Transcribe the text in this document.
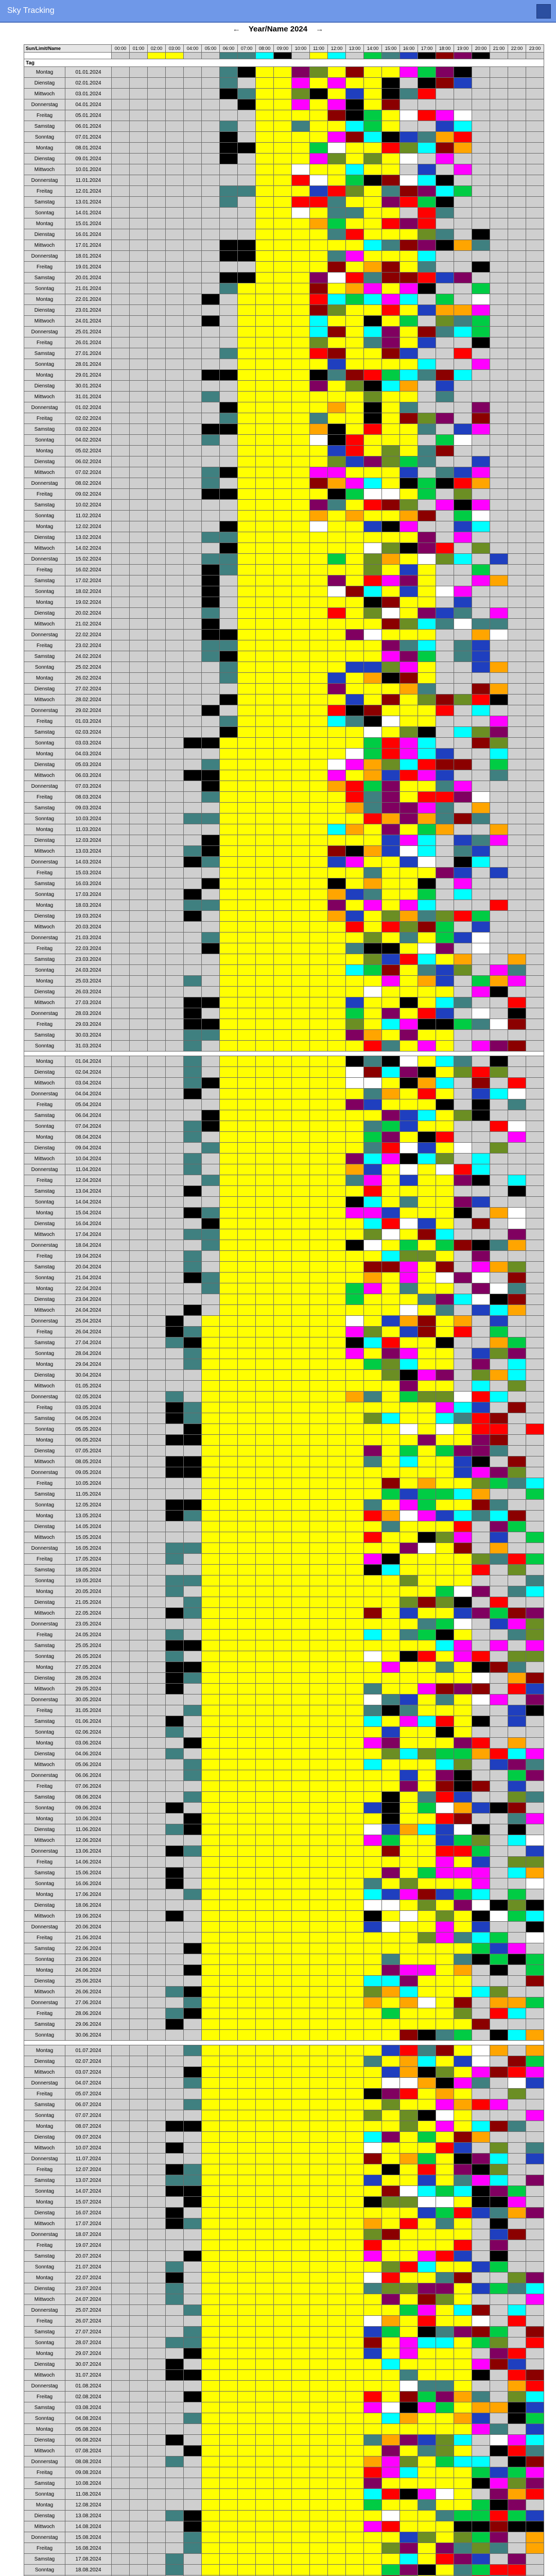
Sky Tracking
← Year/Name 2024 →
Sun/Limit/Name		00:00	01:00	02:00	03:00	04:00	05:00	06:00	07:00	08:00	09:00	10:00	11:00	12:00	13:00	14:00	15:00	16:00	17:00	18:00	19:00	20:00	21:00	22:00	23:00

Tag																									
Montag	01.01.2024																								
Dienstag	02.01.2024																								
Mittwoch	03.01.2024																								
Donnerstag	04.01.2024																								
Freitag	05.01.2024																								
Samstag	06.01.2024																								
Sonntag	07.01.2024																								
Montag	08.01.2024																								
Dienstag	09.01.2024																								
Mittwoch	10.01.2024																								
Donnerstag	11.01.2024																								
Freitag	12.01.2024																								
Samstag	13.01.2024																								
Sonntag	14.01.2024																								
Montag	15.01.2024																								
Dienstag	16.01.2024																								
Mittwoch	17.01.2024																								
Donnerstag	18.01.2024																								
Freitag	19.01.2024																								
Samstag	20.01.2024																								
Sonntag	21.01.2024																								
Montag	22.01.2024																								
Dienstag	23.01.2024																								
Mittwoch	24.01.2024																								
Donnerstag	25.01.2024																								
Freitag	26.01.2024																								
Samstag	27.01.2024																								
Sonntag	28.01.2024																								
Montag	29.01.2024																								
Dienstag	30.01.2024																								
Mittwoch	31.01.2024																								
Donnerstag	01.02.2024																								
Freitag	02.02.2024																								
Samstag	03.02.2024																								
Sonntag	04.02.2024																								
Montag	05.02.2024																								
Dienstag	06.02.2024																								
Mittwoch	07.02.2024																								
Donnerstag	08.02.2024																								
Freitag	09.02.2024																								
Samstag	10.02.2024																								
Sonntag	11.02.2024																								
Montag	12.02.2024																								
Dienstag	13.02.2024																								
Mittwoch	14.02.2024																								
Donnerstag	15.02.2024																								
Freitag	16.02.2024																								
Samstag	17.02.2024																								
Sonntag	18.02.2024																								
Montag	19.02.2024																								
Dienstag	20.02.2024																								
Mittwoch	21.02.2024																								
Donnerstag	22.02.2024																								
Freitag	23.02.2024																								
Samstag	24.02.2024																								
Sonntag	25.02.2024																								
Montag	26.02.2024																								
Dienstag	27.02.2024																								
Mittwoch	28.02.2024																								
Donnerstag	29.02.2024																								
Freitag	01.03.2024																								
Samstag	02.03.2024																								
Sonntag	03.03.2024																								
Montag	04.03.2024																								
Dienstag	05.03.2024																								
Mittwoch	06.03.2024																								
Donnerstag	07.03.2024																								
Freitag	08.03.2024																								
Samstag	09.03.2024																								
Sonntag	10.03.2024																								
Montag	11.03.2024																								
Dienstag	12.03.2024																								
Mittwoch	13.03.2024																								
Donnerstag	14.03.2024																								
Freitag	15.03.2024																								
Samstag	16.03.2024																								
Sonntag	17.03.2024																								
Montag	18.03.2024																								
Dienstag	19.03.2024																								
Mittwoch	20.03.2024																								
Donnerstag	21.03.2024																								
Freitag	22.03.2024																								
Samstag	23.03.2024																								
Sonntag	24.03.2024																								
Montag	25.03.2024																								
Dienstag	26.03.2024																								
Mittwoch	27.03.2024																								
Donnerstag	28.03.2024																								
Freitag	29.03.2024																								
Samstag	30.03.2024																								
Sonntag	31.03.2024																								

Montag	01.04.2024																								
Dienstag	02.04.2024																								
Mittwoch	03.04.2024																								
Donnerstag	04.04.2024																								
Freitag	05.04.2024																								
Samstag	06.04.2024																								
Sonntag	07.04.2024																								
Montag	08.04.2024																								
Dienstag	09.04.2024																								
Mittwoch	10.04.2024																								
Donnerstag	11.04.2024																								
Freitag	12.04.2024																								
Samstag	13.04.2024																								
Sonntag	14.04.2024																								
Montag	15.04.2024																								
Dienstag	16.04.2024																								
Mittwoch	17.04.2024																								
Donnerstag	18.04.2024																								
Freitag	19.04.2024																								
Samstag	20.04.2024																								
Sonntag	21.04.2024																								
Montag	22.04.2024																								
Dienstag	23.04.2024																								
Mittwoch	24.04.2024																								
Donnerstag	25.04.2024																								
Freitag	26.04.2024																								
Samstag	27.04.2024																								
Sonntag	28.04.2024																								
Montag	29.04.2024																								
Dienstag	30.04.2024																								
Mittwoch	01.05.2024																								
Donnerstag	02.05.2024																								
Freitag	03.05.2024																								
Samstag	04.05.2024																								
Sonntag	05.05.2024																								
Montag	06.05.2024																								
Dienstag	07.05.2024																								
Mittwoch	08.05.2024																								
Donnerstag	09.05.2024																								
Freitag	10.05.2024																								
Samstag	11.05.2024																								
Sonntag	12.05.2024																								
Montag	13.05.2024																								
Dienstag	14.05.2024																								
Mittwoch	15.05.2024																								
Donnerstag	16.05.2024																								
Freitag	17.05.2024																								
Samstag	18.05.2024																								
Sonntag	19.05.2024																								
Montag	20.05.2024																								
Dienstag	21.05.2024																								
Mittwoch	22.05.2024																								
Donnerstag	23.05.2024																								
Freitag	24.05.2024																								
Samstag	25.05.2024																								
Sonntag	26.05.2024																								
Montag	27.05.2024																								
Dienstag	28.05.2024																								
Mittwoch	29.05.2024																								
Donnerstag	30.05.2024																								
Freitag	31.05.2024																								
Samstag	01.06.2024																								
Sonntag	02.06.2024																								
Montag	03.06.2024																								
Dienstag	04.06.2024																								
Mittwoch	05.06.2024																								
Donnerstag	06.06.2024																								
Freitag	07.06.2024																								
Samstag	08.06.2024																								
Sonntag	09.06.2024																								
Montag	10.06.2024																								
Dienstag	11.06.2024																								
Mittwoch	12.06.2024																								
Donnerstag	13.06.2024																								
Freitag	14.06.2024																								
Samstag	15.06.2024																								
Sonntag	16.06.2024																								
Montag	17.06.2024																								
Dienstag	18.06.2024																								
Mittwoch	19.06.2024																								
Donnerstag	20.06.2024																								
Freitag	21.06.2024																								
Samstag	22.06.2024																								
Sonntag	23.06.2024																								
Montag	24.06.2024																								
Dienstag	25.06.2024																								
Mittwoch	26.06.2024																								
Donnerstag	27.06.2024																								
Freitag	28.06.2024																								
Samstag	29.06.2024																								
Sonntag	30.06.2024																								

Montag	01.07.2024																								
Dienstag	02.07.2024																								
Mittwoch	03.07.2024																								
Donnerstag	04.07.2024																								
Freitag	05.07.2024																								
Samstag	06.07.2024																								
Sonntag	07.07.2024																								
Montag	08.07.2024																								
Dienstag	09.07.2024																								
Mittwoch	10.07.2024																								
Donnerstag	11.07.2024																								
Freitag	12.07.2024																								
Samstag	13.07.2024																								
Sonntag	14.07.2024																								
Montag	15.07.2024																								
Dienstag	16.07.2024																								
Mittwoch	17.07.2024																								
Donnerstag	18.07.2024																								
Freitag	19.07.2024																								
Samstag	20.07.2024																								
Sonntag	21.07.2024																								
Montag	22.07.2024																								
Dienstag	23.07.2024																								
Mittwoch	24.07.2024																								
Donnerstag	25.07.2024																								
Freitag	26.07.2024																								
Samstag	27.07.2024																								
Sonntag	28.07.2024																								
Montag	29.07.2024																								
Dienstag	30.07.2024																								
Mittwoch	31.07.2024																								
Donnerstag	01.08.2024																								
Freitag	02.08.2024																								
Samstag	03.08.2024																								
Sonntag	04.08.2024																								
Montag	05.08.2024																								
Dienstag	06.08.2024																								
Mittwoch	07.08.2024																								
Donnerstag	08.08.2024																								
Freitag	09.08.2024																								
Samstag	10.08.2024																								
Sonntag	11.08.2024																								
Montag	12.08.2024																								
Dienstag	13.08.2024																								
Mittwoch	14.08.2024																								
Donnerstag	15.08.2024																								
Freitag	16.08.2024																								
Samstag	17.08.2024																								
Sonntag	18.08.2024																								
